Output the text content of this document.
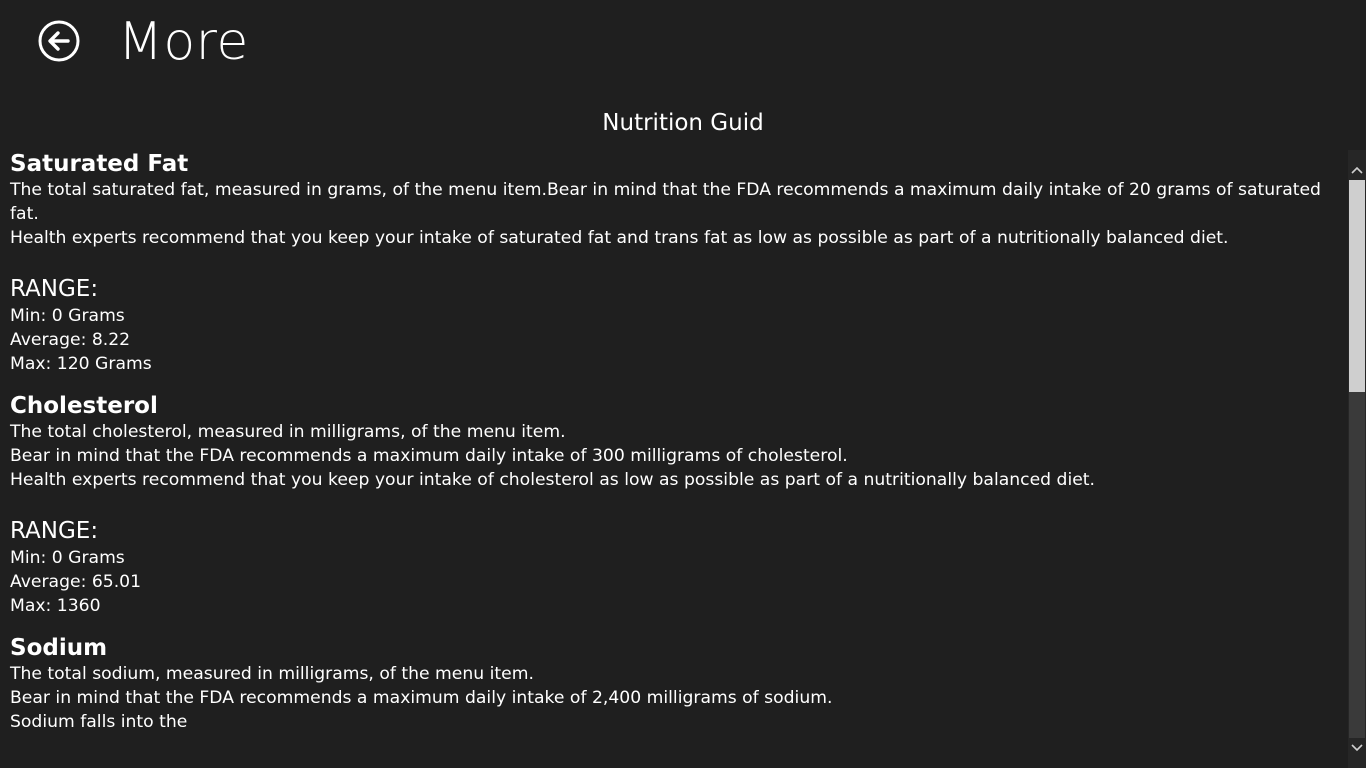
More
Nutrition Guid
Saturated Fat
The total saturated fat, measured in grams, of the menu item.Bear in mind that the FDA recommends a maximum daily intake of 20 grams of saturated fat.
Health experts recommend that you keep your intake of saturated fat and trans fat as low as possible as part of a nutritionally balanced diet.
RANGE:
Min: 0 Grams
Average: 8.22
Max: 120 Grams
Cholesterol
The total cholesterol, measured in milligrams, of the menu item.
Bear in mind that the FDA recommends a maximum daily intake of 300 milligrams of cholesterol.
Health experts recommend that you keep your intake of cholesterol as low as possible as part of a nutritionally balanced diet.
RANGE:
Min: 0 Grams
Average: 65.01
Max: 1360
Sodium
The total sodium, measured in milligrams, of the menu item.
Bear in mind that the FDA recommends a maximum daily intake of 2,400 milligrams of sodium.
Sodium falls into the
